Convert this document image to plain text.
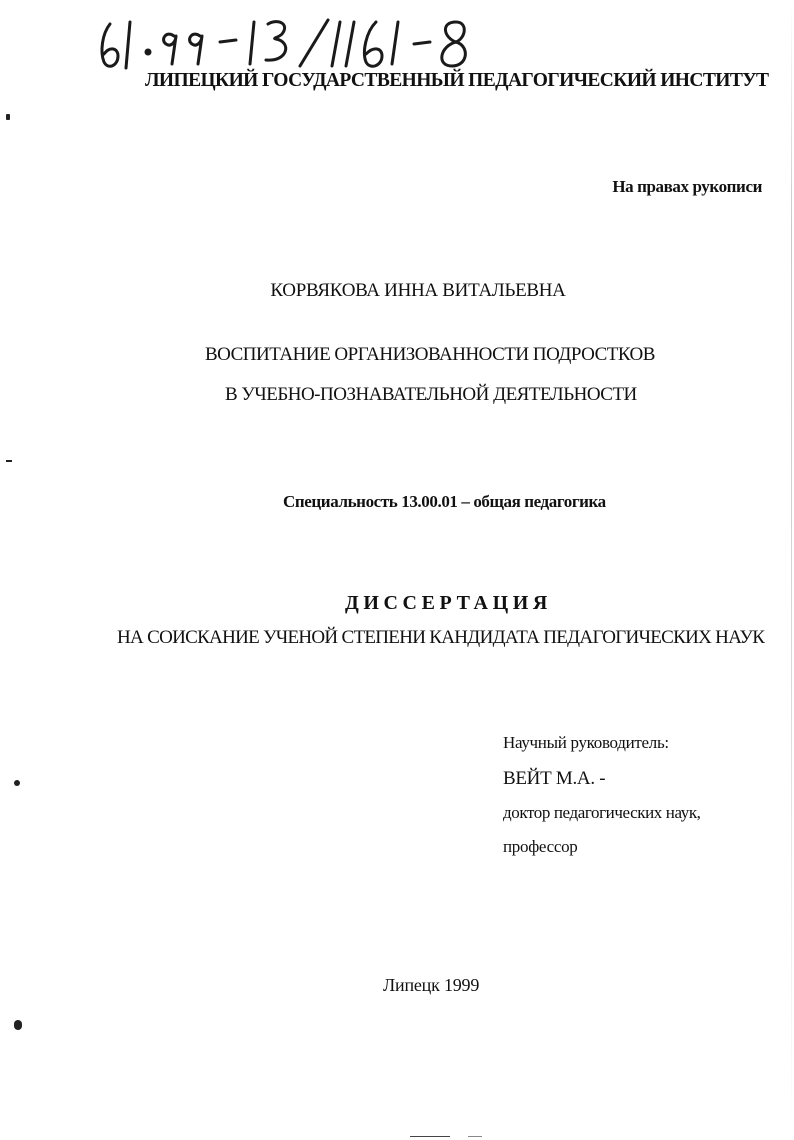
ЛИПЕЦКИЙ ГОСУДАРСТВЕННЫЙ ПЕДАГОГИЧЕСКИЙ ИНСТИТУТ
На правах рукописи
КОРВЯКОВА ИННА ВИТАЛЬЕВНА
ВОСПИТАНИЕ ОРГАНИЗОВАННОСТИ ПОДРОСТКОВ
В УЧЕБНО-ПОЗНАВАТЕЛЬНОЙ ДЕЯТЕЛЬНОСТИ
Специальность 13.00.01 – общая педагогика
ДИССЕРТАЦИЯ
НА СОИСКАНИЕ УЧЕНОЙ СТЕПЕНИ КАНДИДАТА ПЕДАГОГИЧЕСКИХ НАУК
Научный руководитель:
ВЕЙТ М.А. -
доктор педагогических наук,
профессор
Липецк 1999
